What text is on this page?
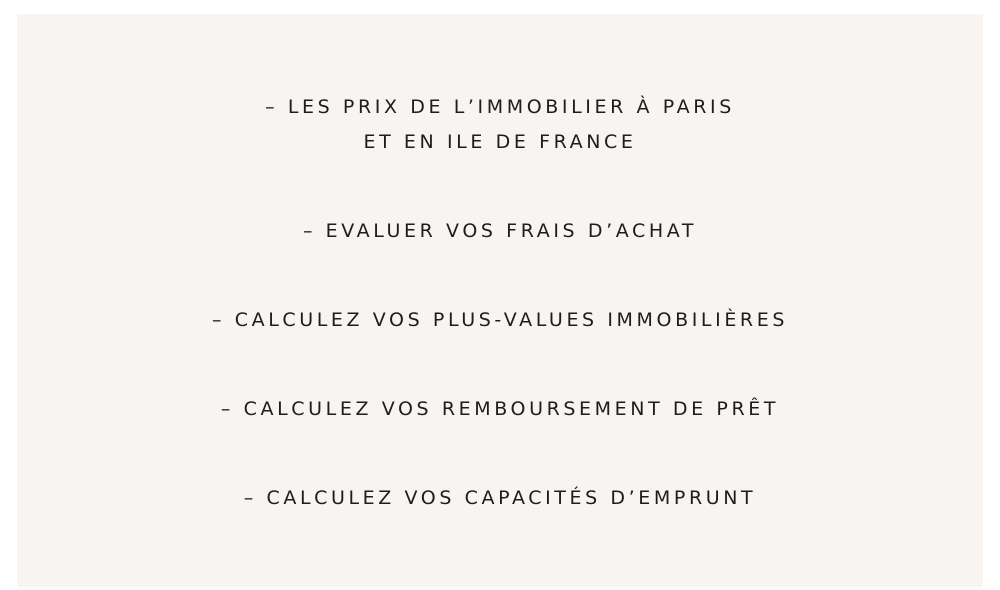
– LES PRIX DE L’IMMOBILIER À PARIS
ET EN ILE DE FRANCE
– EVALUER VOS FRAIS D’ACHAT
– CALCULEZ VOS PLUS-VALUES IMMOBILIÈRES
– CALCULEZ VOS REMBOURSEMENT DE PRÊT
– CALCULEZ VOS CAPACITÉS D’EMPRUNT
